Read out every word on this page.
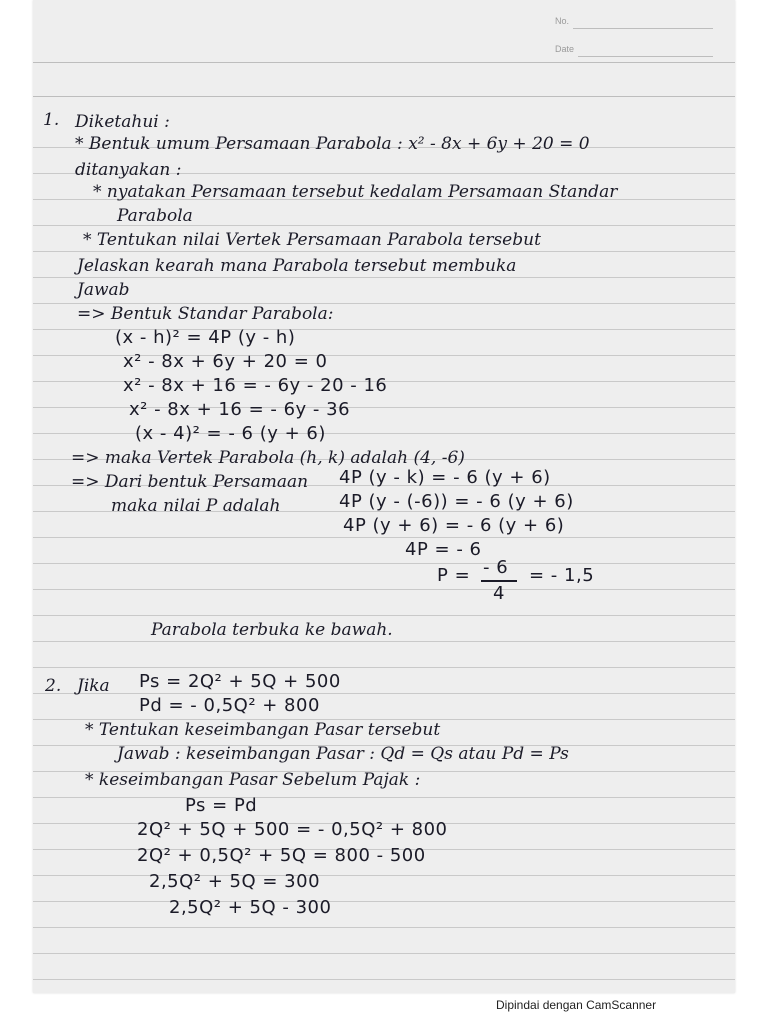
No.
Date
1. Diketahui :
* Bentuk umum Persamaan Parabola : x² - 8x + 6y + 20 = 0
ditanyakan :
* nyatakan Persamaan tersebut kedalam Persamaan Standar
Parabola
* Tentukan nilai Vertek Persamaan Parabola tersebut
Jelaskan kearah mana Parabola tersebut membuka
Jawab
=> Bentuk Standar Parabola:
(x - h)² = 4P (y - h)
x² - 8x + 6y + 20 = 0
x² - 8x + 16 = - 6y - 20 - 16
x² - 8x + 16 = - 6y - 36
(x - 4)² = - 6 (y + 6)
=> maka Vertek Parabola (h, k) adalah (4, -6)
=> Dari bentuk Persamaan
maka nilai P adalah
4P (y - k) = - 6 (y + 6)
4P (y - (-6)) = - 6 (y + 6)
4P (y + 6) = - 6 (y + 6)
4P = - 6
P = - 6
4
= - 1,5
Parabola terbuka ke bawah.
2. Jika Ps = 2Q² + 5Q + 500
Pd = - 0,5Q² + 800
* Tentukan keseimbangan Pasar tersebut
Jawab : keseimbangan Pasar : Qd = Qs atau Pd = Ps
* keseimbangan Pasar Sebelum Pajak :
Ps = Pd
2Q² + 5Q + 500 = - 0,5Q² + 800
2Q² + 0,5Q² + 5Q = 800 - 500
2,5Q² + 5Q = 300
2,5Q² + 5Q - 300
Dipindai dengan CamScanner
